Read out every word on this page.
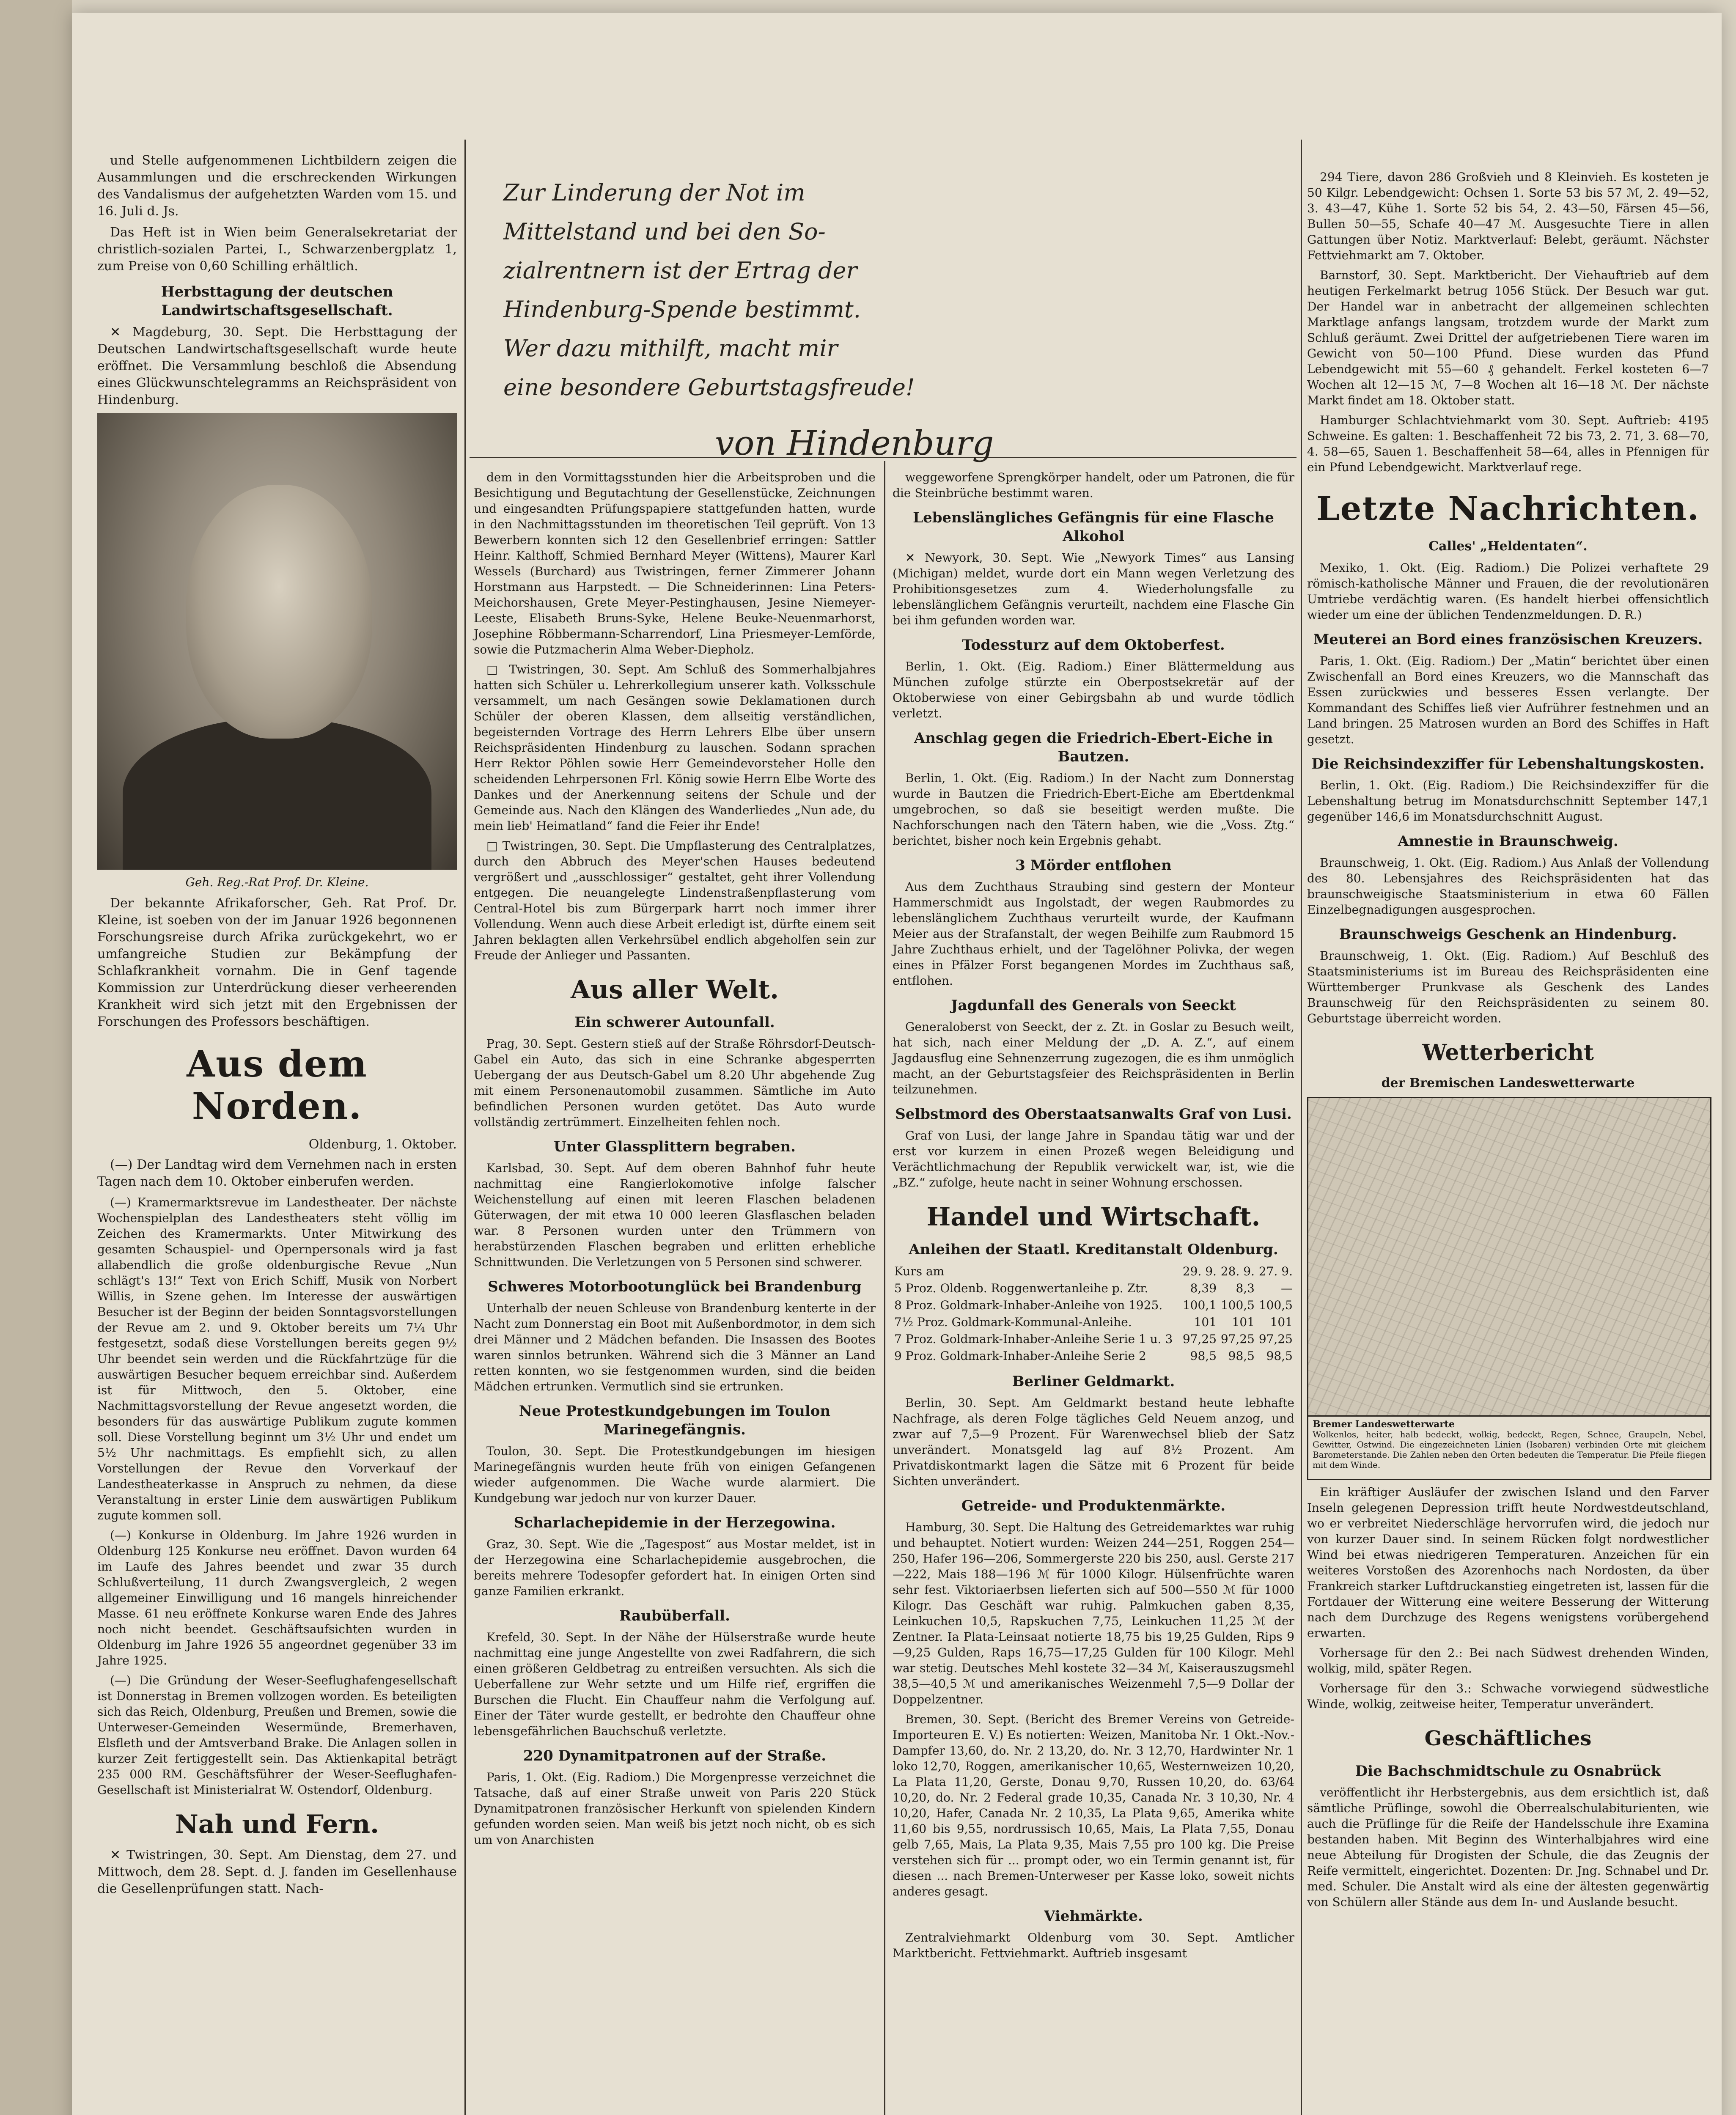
und Stelle aufgenommenen Lichtbildern zeigen die Ausammlungen und die erschreckenden Wirkungen des Vandalismus der aufgehetzten Warden vom 15. und 16. Juli d. Js.

Das Heft ist in Wien beim Generalsekretariat der christlich-sozialen Partei, I., Schwarzenbergplatz 1, zum Preise von 0,60 Schilling erhältlich.

Herbsttagung der deutschen Landwirtschaftsgesellschaft.

✕ Magdeburg, 30. Sept. Die Herbsttagung der Deutschen Landwirtschaftsgesellschaft wurde heute eröffnet. Die Versammlung beschloß die Absendung eines Glückwunschtelegramms an Reichspräsident von Hindenburg.

Geh. Reg.-Rat Prof. Dr. Kleine.

Der bekannte Afrikaforscher, Geh. Rat Prof. Dr. Kleine, ist soeben von der im Januar 1926 begonnenen Forschungsreise durch Afrika zurückgekehrt, wo er umfangreiche Studien zur Bekämpfung der Schlafkrankheit vornahm. Die in Genf tagende Kommission zur Unterdrückung dieser verheerenden Krankheit wird sich jetzt mit den Ergebnissen der Forschungen des Professors beschäftigen.

Aus dem Norden.
Oldenburg, 1. Oktober.

(—) Der Landtag wird dem Vernehmen nach in ersten Tagen nach dem 10. Oktober einberufen werden.

(—) Kramermarktsrevue im Landestheater. Der nächste Wochenspielplan des Landestheaters steht völlig im Zeichen des Kramermarkts. Unter Mitwirkung des gesamten Schauspiel- und Opernpersonals wird ja fast allabendlich die große oldenburgische Revue „Nun schlägt's 13!“ Text von Erich Schiff, Musik von Norbert Willis, in Szene gehen. Im Interesse der auswärtigen Besucher ist der Beginn der beiden Sonntagsvorstellungen der Revue am 2. und 9. Oktober bereits um 7¼ Uhr festgesetzt, sodaß diese Vorstellungen bereits gegen 9½ Uhr beendet sein werden und die Rückfahrtzüge für die auswärtigen Besucher bequem erreichbar sind. Außerdem ist für Mittwoch, den 5. Oktober, eine Nachmittagsvorstellung der Revue angesetzt worden, die besonders für das auswärtige Publikum zugute kommen soll. Diese Vorstellung beginnt um 3½ Uhr und endet um 5½ Uhr nachmittags. Es empfiehlt sich, zu allen Vorstellungen der Revue den Vorverkauf der Landestheaterkasse in Anspruch zu nehmen, da diese Veranstaltung in erster Linie dem auswärtigen Publikum zugute kommen soll.

(—) Konkurse in Oldenburg. Im Jahre 1926 wurden in Oldenburg 125 Konkurse neu eröffnet. Davon wurden 64 im Laufe des Jahres beendet und zwar 35 durch Schlußverteilung, 11 durch Zwangsvergleich, 2 wegen allgemeiner Einwilligung und 16 mangels hinreichender Masse. 61 neu eröffnete Konkurse waren Ende des Jahres noch nicht beendet. Geschäftsaufsichten wurden in Oldenburg im Jahre 1926 55 angeordnet gegenüber 33 im Jahre 1925.

(—) Die Gründung der Weser-Seeflughafengesellschaft ist Donnerstag in Bremen vollzogen worden. Es beteiligten sich das Reich, Oldenburg, Preußen und Bremen, sowie die Unterweser-Gemeinden Wesermünde, Bremerhaven, Elsfleth und der Amtsverband Brake. Die Anlagen sollen in kurzer Zeit fertiggestellt sein. Das Aktienkapital beträgt 235 000 RM. Geschäftsführer der Weser-Seeflughafen-Gesellschaft ist Ministerialrat W. Ostendorf, Oldenburg.

Nah und Fern.

✕ Twistringen, 30. Sept. Am Dienstag, dem 27. und Mittwoch, dem 28. Sept. d. J. fanden im Gesellenhause die Gesellenprüfungen statt. Nach-

Zur Linderung der Not im
Mittelstand und bei den So-
zialrentnern ist der Ertrag der
Hindenburg-Spende bestimmt.
Wer dazu mithilft, macht mir
eine besondere Geburtstagsfreude!
von Hindenburg

dem in den Vormittagsstunden hier die Arbeitsproben und die Besichtigung und Begutachtung der Gesellenstücke, Zeichnungen und eingesandten Prüfungspapiere stattgefunden hatten, wurde in den Nachmittagsstunden im theoretischen Teil geprüft. Von 13 Bewerbern konnten sich 12 den Gesellenbrief erringen: Sattler Heinr. Kalthoff, Schmied Bernhard Meyer (Wittens), Maurer Karl Wessels (Burchard) aus Twistringen, ferner Zimmerer Johann Horstmann aus Harpstedt. — Die Schneiderinnen: Lina Peters-Meichorshausen, Grete Meyer-Pestinghausen, Jesine Niemeyer-Leeste, Elisabeth Bruns-Syke, Helene Beuke-Neuenmarhorst, Josephine Röbbermann-Scharrendorf, Lina Priesmeyer-Lemförde, sowie die Putzmacherin Alma Weber-Diepholz.

□ Twistringen, 30. Sept. Am Schluß des Sommerhalbjahres hatten sich Schüler u. Lehrerkollegium unserer kath. Volksschule versammelt, um nach Gesängen sowie Deklamationen durch Schüler der oberen Klassen, dem allseitig verständlichen, begeisternden Vortrage des Herrn Lehrers Elbe über unsern Reichspräsidenten Hindenburg zu lauschen. Sodann sprachen Herr Rektor Pöhlen sowie Herr Gemeindevorsteher Holle den scheidenden Lehrpersonen Frl. König sowie Herrn Elbe Worte des Dankes und der Anerkennung seitens der Schule und der Gemeinde aus. Nach den Klängen des Wanderliedes „Nun ade, du mein lieb' Heimatland“ fand die Feier ihr Ende!

□ Twistringen, 30. Sept. Die Umpflasterung des Centralplatzes, durch den Abbruch des Meyer'schen Hauses bedeutend vergrößert und „ausschlossiger“ gestaltet, geht ihrer Vollendung entgegen. Die neuangelegte Lindenstraßenpflasterung vom Central-Hotel bis zum Bürgerpark harrt noch immer ihrer Vollendung. Wenn auch diese Arbeit erledigt ist, dürfte einem seit Jahren beklagten allen Verkehrsübel endlich abgeholfen sein zur Freude der Anlieger und Passanten.

Aus aller Welt.
Ein schwerer Autounfall.

Prag, 30. Sept. Gestern stieß auf der Straße Röhrsdorf-Deutsch-Gabel ein Auto, das sich in eine Schranke abgesperrten Uebergang der aus Deutsch-Gabel um 8.20 Uhr abgehende Zug mit einem Personenautomobil zusammen. Sämtliche im Auto befindlichen Personen wurden getötet. Das Auto wurde vollständig zertrümmert. Einzelheiten fehlen noch.

Unter Glassplittern begraben.

Karlsbad, 30. Sept. Auf dem oberen Bahnhof fuhr heute nachmittag eine Rangierlokomotive infolge falscher Weichenstellung auf einen mit leeren Flaschen beladenen Güterwagen, der mit etwa 10 000 leeren Glasflaschen beladen war. 8 Personen wurden unter den Trümmern von herabstürzenden Flaschen begraben und erlitten erhebliche Schnittwunden. Die Verletzungen von 5 Personen sind schwerer.

Schweres Motorbootunglück bei Brandenburg

Unterhalb der neuen Schleuse von Brandenburg kenterte in der Nacht zum Donnerstag ein Boot mit Außenbordmotor, in dem sich drei Männer und 2 Mädchen befanden. Die Insassen des Bootes waren sinnlos betrunken. Während sich die 3 Männer an Land retten konnten, wo sie festgenommen wurden, sind die beiden Mädchen ertrunken. Vermutlich sind sie ertrunken.

Neue Protestkundgebungen im Toulon Marinegefängnis.

Toulon, 30. Sept. Die Protestkundgebungen im hiesigen Marinegefängnis wurden heute früh von einigen Gefangenen wieder aufgenommen. Die Wache wurde alarmiert. Die Kundgebung war jedoch nur von kurzer Dauer.

Scharlachepidemie in der Herzegowina.

Graz, 30. Sept. Wie die „Tagespost“ aus Mostar meldet, ist in der Herzegowina eine Scharlachepidemie ausgebrochen, die bereits mehrere Todesopfer gefordert hat. In einigen Orten sind ganze Familien erkrankt.

Raubüberfall.

Krefeld, 30. Sept. In der Nähe der Hülserstraße wurde heute nachmittag eine junge Angestellte von zwei Radfahrern, die sich einen größeren Geldbetrag zu entreißen versuchten. Als sich die Ueberfallene zur Wehr setzte und um Hilfe rief, ergriffen die Burschen die Flucht. Ein Chauffeur nahm die Verfolgung auf. Einer der Täter wurde gestellt, er bedrohte den Chauffeur ohne lebensgefährlichen Bauchschuß verletzte.

220 Dynamitpatronen auf der Straße.

Paris, 1. Okt. (Eig. Radiom.) Die Morgenpresse verzeichnet die Tatsache, daß auf einer Straße unweit von Paris 220 Stück Dynamitpatronen französischer Herkunft von spielenden Kindern gefunden worden seien. Man weiß bis jetzt noch nicht, ob es sich um von Anarchisten

weggeworfene Sprengkörper handelt, oder um Patronen, die für die Steinbrüche bestimmt waren.

Lebenslängliches Gefängnis für eine Flasche Alkohol

✕ Newyork, 30. Sept. Wie „Newyork Times“ aus Lansing (Michigan) meldet, wurde dort ein Mann wegen Verletzung des Prohibitionsgesetzes zum 4. Wiederholungsfalle zu lebenslänglichem Gefängnis verurteilt, nachdem eine Flasche Gin bei ihm gefunden worden war.

Todessturz auf dem Oktoberfest.

Berlin, 1. Okt. (Eig. Radiom.) Einer Blättermeldung aus München zufolge stürzte ein Oberpostsekretär auf der Oktoberwiese von einer Gebirgsbahn ab und wurde tödlich verletzt.

Anschlag gegen die Friedrich-Ebert-Eiche in Bautzen.

Berlin, 1. Okt. (Eig. Radiom.) In der Nacht zum Donnerstag wurde in Bautzen die Friedrich-Ebert-Eiche am Ebertdenkmal umgebrochen, so daß sie beseitigt werden mußte. Die Nachforschungen nach den Tätern haben, wie die „Voss. Ztg.“ berichtet, bisher noch kein Ergebnis gehabt.

3 Mörder entflohen

Aus dem Zuchthaus Straubing sind gestern der Monteur Hammerschmidt aus Ingolstadt, der wegen Raubmordes zu lebenslänglichem Zuchthaus verurteilt wurde, der Kaufmann Meier aus der Strafanstalt, der wegen Beihilfe zum Raubmord 15 Jahre Zuchthaus erhielt, und der Tagelöhner Polivka, der wegen eines in Pfälzer Forst begangenen Mordes im Zuchthaus saß, entflohen.

Jagdunfall des Generals von Seeckt

Generaloberst von Seeckt, der z. Zt. in Goslar zu Besuch weilt, hat sich, nach einer Meldung der „D. A. Z.“, auf einem Jagdausflug eine Sehnenzerrung zugezogen, die es ihm unmöglich macht, an der Geburtstagsfeier des Reichspräsidenten in Berlin teilzunehmen.

Selbstmord des Oberstaatsanwalts Graf von Lusi.

Graf von Lusi, der lange Jahre in Spandau tätig war und der erst vor kurzem in einen Prozeß wegen Beleidigung und Verächtlichmachung der Republik verwickelt war, ist, wie die „BZ.“ zufolge, heute nacht in seiner Wohnung erschossen.

Handel und Wirtschaft.
Anleihen der Staatl. Kreditanstalt Oldenburg.
Kurs am	29. 9.	28. 9.	27. 9.
5 Proz. Oldenb. Roggenwertanleihe p. Ztr.	8,39	8,3	—
8 Proz. Goldmark-Inhaber-Anleihe von 1925.	100,1	100,5	100,5
7½ Proz. Goldmark-Kommunal-Anleihe.	101	101	101
7 Proz. Goldmark-Inhaber-Anleihe Serie 1 u. 3	97,25	97,25	97,25
9 Proz. Goldmark-Inhaber-Anleihe Serie 2	98,5	98,5	98,5
Berliner Geldmarkt.

Berlin, 30. Sept. Am Geldmarkt bestand heute lebhafte Nachfrage, als deren Folge tägliches Geld Neuem anzog, und zwar auf 7,5—9 Prozent. Für Warenwechsel blieb der Satz unverändert. Monatsgeld lag auf 8½ Prozent. Am Privatdiskontmarkt lagen die Sätze mit 6 Prozent für beide Sichten unverändert.

Getreide- und Produktenmärkte.

Hamburg, 30. Sept. Die Haltung des Getreidemarktes war ruhig und behauptet. Notiert wurden: Weizen 244—251, Roggen 254—250, Hafer 196—206, Sommergerste 220 bis 250, ausl. Gerste 217—222, Mais 188—196 ℳ für 1000 Kilogr. Hülsenfrüchte waren sehr fest. Viktoriaerbsen lieferten sich auf 500—550 ℳ für 1000 Kilogr. Das Geschäft war ruhig. Palmkuchen gaben 8,35, Leinkuchen 10,5, Rapskuchen 7,75, Leinkuchen 11,25 ℳ der Zentner. Ia Plata-Leinsaat notierte 18,75 bis 19,25 Gulden, Rips 9—9,25 Gulden, Raps 16,75—17,25 Gulden für 100 Kilogr. Mehl war stetig. Deutsches Mehl kostete 32—34 ℳ, Kaiserauszugsmehl 38,5—40,5 ℳ und amerikanisches Weizenmehl 7,5—9 Dollar der Doppelzentner.

Bremen, 30. Sept. (Bericht des Bremer Vereins von Getreide-Importeuren E. V.) Es notierten: Weizen, Manitoba Nr. 1 Okt.-Nov.-Dampfer 13,60, do. Nr. 2 13,20, do. Nr. 3 12,70, Hardwinter Nr. 1 loko 12,70, Roggen, amerikanischer 10,65, Westernweizen 10,20, La Plata 11,20, Gerste, Donau 9,70, Russen 10,20, do. 63/64 10,20, do. Nr. 2 Federal grade 10,35, Canada Nr. 3 10,30, Nr. 4 10,20, Hafer, Canada Nr. 2 10,35, La Plata 9,65, Amerika white 11,60 bis 9,55, nordrussisch 10,65, Mais, La Plata 7,55, Donau gelb 7,65, Mais, La Plata 9,35, Mais 7,55 pro 100 kg. Die Preise verstehen sich für ... prompt oder, wo ein Termin genannt ist, für diesen ... nach Bremen-Unterweser per Kasse loko, soweit nichts anderes gesagt.

Viehmärkte.

Zentralviehmarkt Oldenburg vom 30. Sept. Amtlicher Marktbericht. Fettviehmarkt. Auftrieb insgesamt

294 Tiere, davon 286 Großvieh und 8 Kleinvieh. Es kosteten je 50 Kilgr. Lebendgewicht: Ochsen 1. Sorte 53 bis 57 ℳ, 2. 49—52, 3. 43—47, Kühe 1. Sorte 52 bis 54, 2. 43—50, Färsen 45—56, Bullen 50—55, Schafe 40—47 ℳ. Ausgesuchte Tiere in allen Gattungen über Notiz. Marktverlauf: Belebt, geräumt. Nächster Fettviehmarkt am 7. Oktober.

Barnstorf, 30. Sept. Marktbericht. Der Viehauftrieb auf dem heutigen Ferkelmarkt betrug 1056 Stück. Der Besuch war gut. Der Handel war in anbetracht der allgemeinen schlechten Marktlage anfangs langsam, trotzdem wurde der Markt zum Schluß geräumt. Zwei Drittel der aufgetriebenen Tiere waren im Gewicht von 50—100 Pfund. Diese wurden das Pfund Lebendgewicht mit 55—60 ₰ gehandelt. Ferkel kosteten 6—7 Wochen alt 12—15 ℳ, 7—8 Wochen alt 16—18 ℳ. Der nächste Markt findet am 18. Oktober statt.

Hamburger Schlachtviehmarkt vom 30. Sept. Auftrieb: 4195 Schweine. Es galten: 1. Beschaffenheit 72 bis 73, 2. 71, 3. 68—70, 4. 58—65, Sauen 1. Beschaffenheit 58—64, alles in Pfennigen für ein Pfund Lebendgewicht. Marktverlauf rege.

Letzte Nachrichten.
Calles' „Heldentaten“.

Mexiko, 1. Okt. (Eig. Radiom.) Die Polizei verhaftete 29 römisch-katholische Männer und Frauen, die der revolutionären Umtriebe verdächtig waren. (Es handelt hierbei offensichtlich wieder um eine der üblichen Tendenzmeldungen. D. R.)

Meuterei an Bord eines französischen Kreuzers.

Paris, 1. Okt. (Eig. Radiom.) Der „Matin“ berichtet über einen Zwischenfall an Bord eines Kreuzers, wo die Mannschaft das Essen zurückwies und besseres Essen verlangte. Der Kommandant des Schiffes ließ vier Aufrührer festnehmen und an Land bringen. 25 Matrosen wurden an Bord des Schiffes in Haft gesetzt.

Die Reichsindexziffer für Lebenshaltungskosten.

Berlin, 1. Okt. (Eig. Radiom.) Die Reichsindexziffer für die Lebenshaltung betrug im Monatsdurchschnitt September 147,1 gegenüber 146,6 im Monatsdurchschnitt August.

Amnestie in Braunschweig.

Braunschweig, 1. Okt. (Eig. Radiom.) Aus Anlaß der Vollendung des 80. Lebensjahres des Reichspräsidenten hat das braunschweigische Staatsministerium in etwa 60 Fällen Einzelbegnadigungen ausgesprochen.

Braunschweigs Geschenk an Hindenburg.

Braunschweig, 1. Okt. (Eig. Radiom.) Auf Beschluß des Staatsministeriums ist im Bureau des Reichspräsidenten eine Württemberger Prunkvase als Geschenk des Landes Braunschweig für den Reichspräsidenten zu seinem 80. Geburtstage überreicht worden.

Wetterbericht
der Bremischen Landeswetterwarte
Bremer Landeswetterwarte
Wolkenlos, heiter, halb bedeckt, wolkig, bedeckt, Regen, Schnee, Graupeln, Nebel, Gewitter, Ostwind. Die eingezeichneten Linien (Isobaren) verbinden Orte mit gleichem Barometerstande. Die Zahlen neben den Orten bedeuten die Temperatur. Die Pfeile fliegen mit dem Winde.

Ein kräftiger Ausläufer der zwischen Island und den Farver Inseln gelegenen Depression trifft heute Nordwestdeutschland, wo er verbreitet Niederschläge hervorrufen wird, die jedoch nur von kurzer Dauer sind. In seinem Rücken folgt nordwestlicher Wind bei etwas niedrigeren Temperaturen. Anzeichen für ein weiteres Vorstoßen des Azorenhochs nach Nordosten, da über Frankreich starker Luftdruckanstieg eingetreten ist, lassen für die Fortdauer der Witterung eine weitere Besserung der Witterung nach dem Durchzuge des Regens wenigstens vorübergehend erwarten.

Vorhersage für den 2.: Bei nach Südwest drehenden Winden, wolkig, mild, später Regen.

Vorhersage für den 3.: Schwache vorwiegend südwestliche Winde, wolkig, zeitweise heiter, Temperatur unverändert.

Geschäftliches
Die Bachschmidtschule zu Osnabrück

veröffentlicht ihr Herbstergebnis, aus dem ersichtlich ist, daß sämtliche Prüflinge, sowohl die Oberrealschulabiturienten, wie auch die Prüflinge für die Reife der Handelsschule ihre Examina bestanden haben. Mit Beginn des Winterhalbjahres wird eine neue Abteilung für Drogisten der Schule, die das Zeugnis der Reife vermittelt, eingerichtet. Dozenten: Dr. Jng. Schnabel und Dr. med. Schuler. Die Anstalt wird als eine der ältesten gegenwärtig von Schülern aller Stände aus dem In- und Auslande besucht.
